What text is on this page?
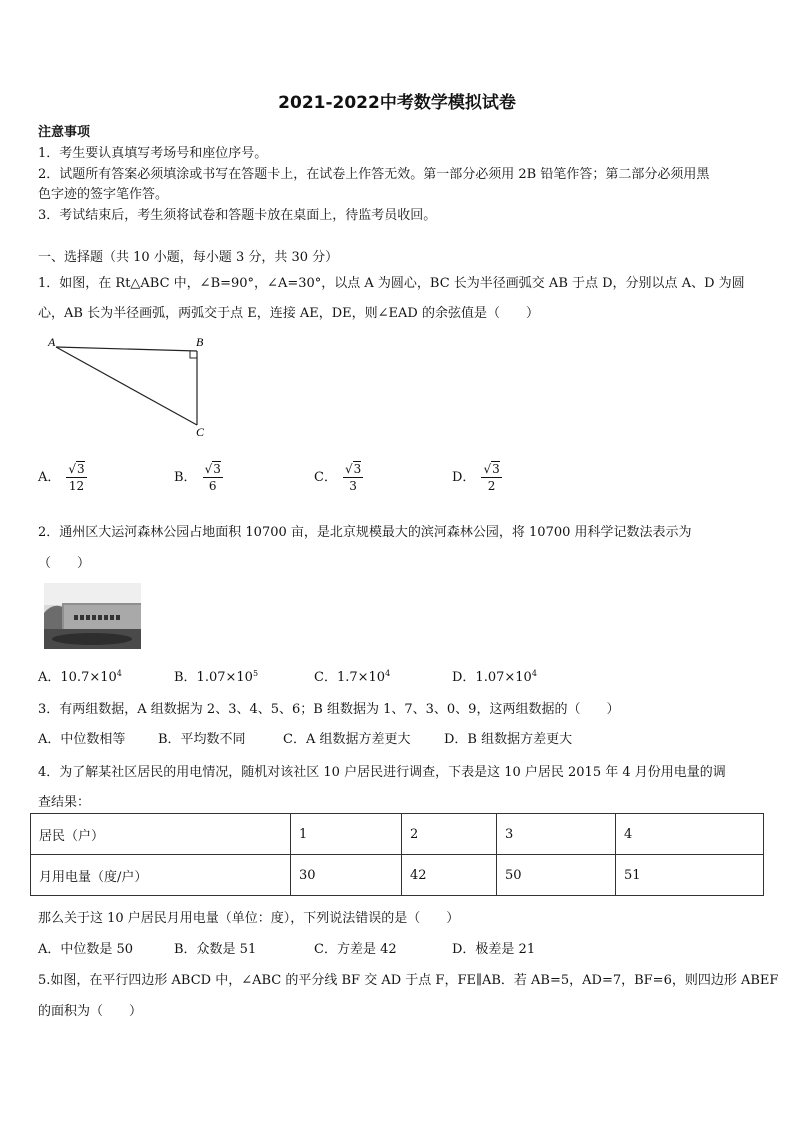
2021-2022中考数学模拟试卷
注意事项
1．考生要认真填写考场号和座位序号。
2．试题所有答案必须填涂或书写在答题卡上，在试卷上作答无效。第一部分必须用 2B 铅笔作答；第二部分必须用黑
色字迹的签字笔作答。
3．考试结束后，考生须将试卷和答题卡放在桌面上，待监考员收回。
一、选择题（共 10 小题，每小题 3 分，共 30 分）
1．如图，在 Rt△ABC 中，∠B=90°，∠A=30°，以点 A 为圆心，BC 长为半径画弧交 AB 于点 D，分别以点 A、D 为圆
心，AB 长为半径画弧，两弧交于点 E，连接 AE，DE，则∠EAD 的余弦值是（　　）
A	B
C
A． $\frac{√3}{12}$	B． $\frac{√3}{6}$	C． $\frac{√3}{3}$	D． $\frac{√3}{2}$
2．通州区大运河森林公园占地面积 10700 亩，是北京规模最大的滨河森林公园，将 10700 用科学记数法表示为
（　　）
A．$10.7\times 10^4$	B．$1.07\times 10^5$	C．$1.7\times 10^4$	D．$1.07\times 10^4$
3．有两组数据，A 组数据为 2、3、4、5、6；B 组数据为 1、7、3、0、9，这两组数据的（　　）
A．中位数相等	B．平均数不同	C．A 组数据方差更大	D．B 组数据方差更大
4．为了解某社区居民的用电情况，随机对该社区 10 户居民进行调查，下表是这 10 户居民 2015 年 4 月份用电量的调
查结果：
居民（户）	1	2	3	4
月用电量（度/户）	30	42	50	51
那么关于这 10 户居民月用电量（单位：度），下列说法错误的是（　　）
A．中位数是 50	B．众数是 51	C．方差是 42	D．极差是 21
5.如图，在平行四边形 ABCD 中，∠ABC 的平分线 BF 交 AD 于点 F，FE∥AB．若 AB=5，AD=7，BF=6，则四边形 ABEF
的面积为（　　）
